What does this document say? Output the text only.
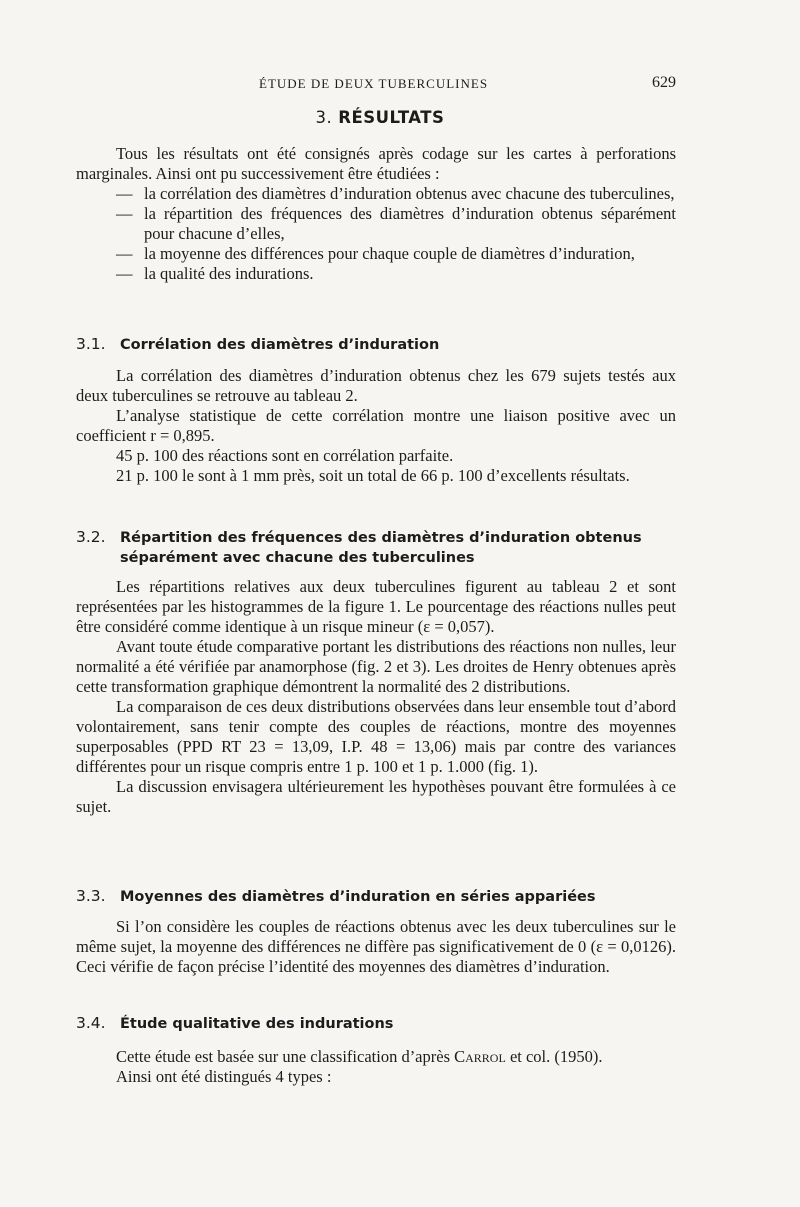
ÉTUDE DE DEUX TUBERCULINES	629
3. RÉSULTATS

Tous les résultats ont été consignés après codage sur les cartes à perforations marginales. Ainsi ont pu successivement être étudiées :

— la corrélation des diamètres d’induration obtenus avec chacune des tuberculines,

— la répartition des fréquences des diamètres d’induration obtenus séparément pour chacune d’elles,

— la moyenne des différences pour chaque couple de diamètres d’induration,

— la qualité des indurations.

3.1. Corrélation des diamètres d’induration

La corrélation des diamètres d’induration obtenus chez les 679 sujets testés aux deux tuberculines se retrouve au tableau 2.

L’analyse statistique de cette corrélation montre une liaison positive avec un coefficient r = 0,895.

45 p. 100 des réactions sont en corrélation parfaite.

21 p. 100 le sont à 1 mm près, soit un total de 66 p. 100 d’excellents résultats.

3.2. Répartition des fréquences des diamètres d’induration obtenus
séparément avec chacune des tuberculines

Les répartitions relatives aux deux tuberculines figurent au tableau 2 et sont représentées par les histogrammes de la figure 1. Le pourcentage des réactions nulles peut être considéré comme identique à un risque mineur (ε = 0,057).

Avant toute étude comparative portant les distributions des réactions non nulles, leur normalité a été vérifiée par anamorphose (fig. 2 et 3). Les droites de Henry obtenues après cette transformation graphique démontrent la normalité des 2 distributions.

La comparaison de ces deux distributions observées dans leur ensemble tout d’abord volontairement, sans tenir compte des couples de réactions, montre des moyennes superposables (PPD RT 23 = 13,09, I.P. 48 = 13,06) mais par contre des variances différentes pour un risque compris entre 1 p. 100 et 1 p. 1.000 (fig. 1).

La discussion envisagera ultérieurement les hypothèses pouvant être formulées à ce sujet.

3.3. Moyennes des diamètres d’induration en séries appariées

Si l’on considère les couples de réactions obtenus avec les deux tuberculines sur le même sujet, la moyenne des différences ne diffère pas significativement de 0 (ε = 0,0126). Ceci vérifie de façon précise l’identité des moyennes des diamètres d’induration.

3.4. Étude qualitative des indurations

Cette étude est basée sur une classification d’après Carrol et col. (1950).

Ainsi ont été distingués 4 types :
